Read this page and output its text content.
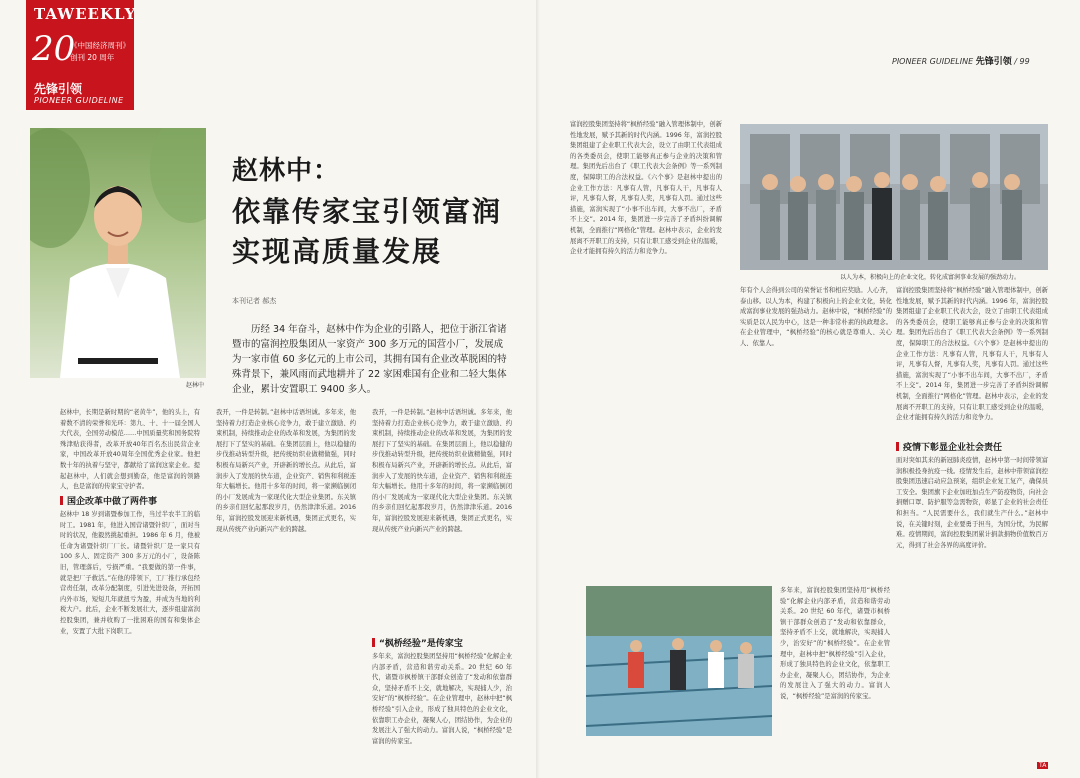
TAWEEKLY
20
《中国经济周刊》
创刊 20 周年
先锋引领
PIONEER GUIDELINE
赵林中
赵林中：
依靠传家宝引领富润
实现高质量发展
本刊记者 郝杰
历经 34 年奋斗，赵林中作为企业的引路人，把位于浙江省诸暨市的富润控股集团从一家资产 300 多万元的国营小厂，发展成为一家市值 60 多亿元的上市公司，其拥有国有企业改革脱困的特殊背景下，兼风雨而武地耕并了 22 家困难国有企业和二轻大集体企业，累计安置职工 9400 多人。
赵林中，长期是新时期的“老黄牛”，他的头上，有着数不清的荣誉和光环：第九、十、十一届全国人大代表，全国劳动模范……中国质量奖和国务院特殊津贴获得者，改革开放40年百名杰出民营企业家，中国改革开放40周年全国优秀企业家。他把数十年的执着与坚守，都献给了富润这家企业。提起赵林中，人们就会想到勤奋，他是富润的领路人，也是富润的传家宝守护者。
国企改革中做了两件事
赵林中 18 岁到诸暨参加工作，当过半农半工的临时工。1981 年，他进入国营诸暨针织厂，面对当时的状况，他毅然挑起重担。1986 年 6 月，他被任命为诸暨针织厂厂长。诸暨针织厂是一家只有 100 多人、固定资产 300 多万元的小厂，设备陈旧，管理落后，亏损严重。“我要做的第一件事，就是把厂子救活。”在他的带领下，工厂推行承包经营责任制，改革分配制度，引进先进设备，开拓国内外市场，短短几年就扭亏为盈，并成为当地的利税大户。此后，企业不断发展壮大，逐步组建富润控股集团，兼并收购了一批困难的国有和集体企业，安置了大批下岗职工。
我开，一件是转制。”赵林中话语坦诚。多年来，他坚持着力打造企业核心竞争力，敢于建立激励、约束机制，持续推动企业的改革和发展，为集团的发展打下了坚实的基础。在集团层面上，他以稳健的步伐推动转型升级，把传统纺织业做精做强，同时积极布局新兴产业，开辟新的增长点。从此后，富润步入了发展的快车道，企业资产、销售和利税连年大幅增长。他用十多年的时间，将一家濒临倒闭的小厂发展成为一家现代化大型企业集团。东关镇的乡亲们回忆起那段岁月，仍然津津乐道。2016 年，富润控股发展迎来新机遇，集团正式更名，实现从传统产业向新兴产业的跨越。
“枫桥经验”是传家宝
我开，一件是转制。”赵林中话语坦诚。多年来，他坚持着力打造企业核心竞争力，敢于建立激励、约束机制，持续推动企业的改革和发展，为集团的发展打下了坚实的基础。在集团层面上，他以稳健的步伐推动转型升级，把传统纺织业做精做强，同时积极布局新兴产业，开辟新的增长点。从此后，富润步入了发展的快车道，企业资产、销售和利税连年大幅增长。他用十多年的时间，将一家濒临倒闭的小厂发展成为一家现代化大型企业集团。东关镇的乡亲们回忆起那段岁月，仍然津津乐道。2016 年，富润控股发展迎来新机遇，集团正式更名，实现从传统产业向新兴产业的跨越。
多年来，富润控股集团坚持用“枫桥经验”化解企业内部矛盾，营造和谐劳动关系。20 世纪 60 年代，诸暨市枫桥镇干部群众创造了“发动和依靠群众，坚持矛盾不上交，就地解决，实现捕人少，治安好”的“枫桥经验”。在企业管理中，赵林中把“枫桥经验”引入企业，形成了独具特色的企业文化，依靠职工办企业，凝聚人心，团结协作，为企业的发展注入了强大的动力。富润人说，“枫桥经验”是富润的传家宝。
PIONEER GUIDELINE 先锋引领 / 99
富润控股集团坚持将“枫桥经验”融入管理体制中，创新性地发展，赋予其新的时代内涵。1996 年，富润控股集团组建了企业职工代表大会，设立了由职工代表组成的各类委员会，使职工能够真正参与企业的决策和管理。集团先后出台了《职工代表大会条例》等一系列制度，保障职工的合法权益。《六个事》是赵林中提出的企业工作方法：凡事有人管，凡事有人干，凡事有人评，凡事有人督，凡事有人奖，凡事有人罚。通过这些措施，富润实现了“小事不出车间，大事不出厂，矛盾不上交”。2014 年，集团进一步完善了矛盾纠纷调解机制，全面推行“网格化”管理。赵林中表示，企业的发展离不开职工的支持，只有让职工感受到企业的温暖，企业才能拥有持久的活力和竞争力。
以人为本，积极向上的企业文化，转化成富润事业发展的强劲动力。
年有个人会得到公司的荣誉证书和相应奖励。人心齐，泰山移。以人为本，构建了积极向上的企业文化，转化成富润事业发展的强劲动力。赵林中说，“枫桥经验”的实质是以人民为中心，这是一种非常朴素的执政理念。在企业管理中，“枫桥经验”的核心就是尊重人、关心人、依靠人。
富润控股集团坚持将“枫桥经验”融入管理体制中，创新性地发展，赋予其新的时代内涵。1996 年，富润控股集团组建了企业职工代表大会，设立了由职工代表组成的各类委员会，使职工能够真正参与企业的决策和管理。集团先后出台了《职工代表大会条例》等一系列制度，保障职工的合法权益。《六个事》是赵林中提出的企业工作方法：凡事有人管，凡事有人干，凡事有人评，凡事有人督，凡事有人奖，凡事有人罚。通过这些措施，富润实现了“小事不出车间，大事不出厂，矛盾不上交”。2014 年，集团进一步完善了矛盾纠纷调解机制，全面推行“网格化”管理。赵林中表示，企业的发展离不开职工的支持，只有让职工感受到企业的温暖，企业才能拥有持久的活力和竞争力。
疫情下彰显企业社会责任
面对突如其来的新冠肺炎疫情，赵林中第一时间带领富润积极投身抗疫一线。疫情发生后，赵林中带领富润控股集团迅速启动应急预案，组织企业复工复产，确保员工安全。集团旗下企业加班加点生产防疫物资，向社会捐赠口罩、防护服等急需物资，彰显了企业的社会责任和担当。“人民需要什么，我们就生产什么。”赵林中说，在关键时刻，企业要勇于担当，为国分忧，为民解难。疫情期间，富润控股集团累计捐款捐物价值数百万元，得到了社会各界的高度评价。
多年来，富润控股集团坚持用“枫桥经验”化解企业内部矛盾，营造和谐劳动关系。20 世纪 60 年代，诸暨市枫桥镇干部群众创造了“发动和依靠群众，坚持矛盾不上交，就地解决，实现捕人少，治安好”的“枫桥经验”。在企业管理中，赵林中把“枫桥经验”引入企业，形成了独具特色的企业文化，依靠职工办企业，凝聚人心，团结协作，为企业的发展注入了强大的动力。富润人说，“枫桥经验”是富润的传家宝。
TA
